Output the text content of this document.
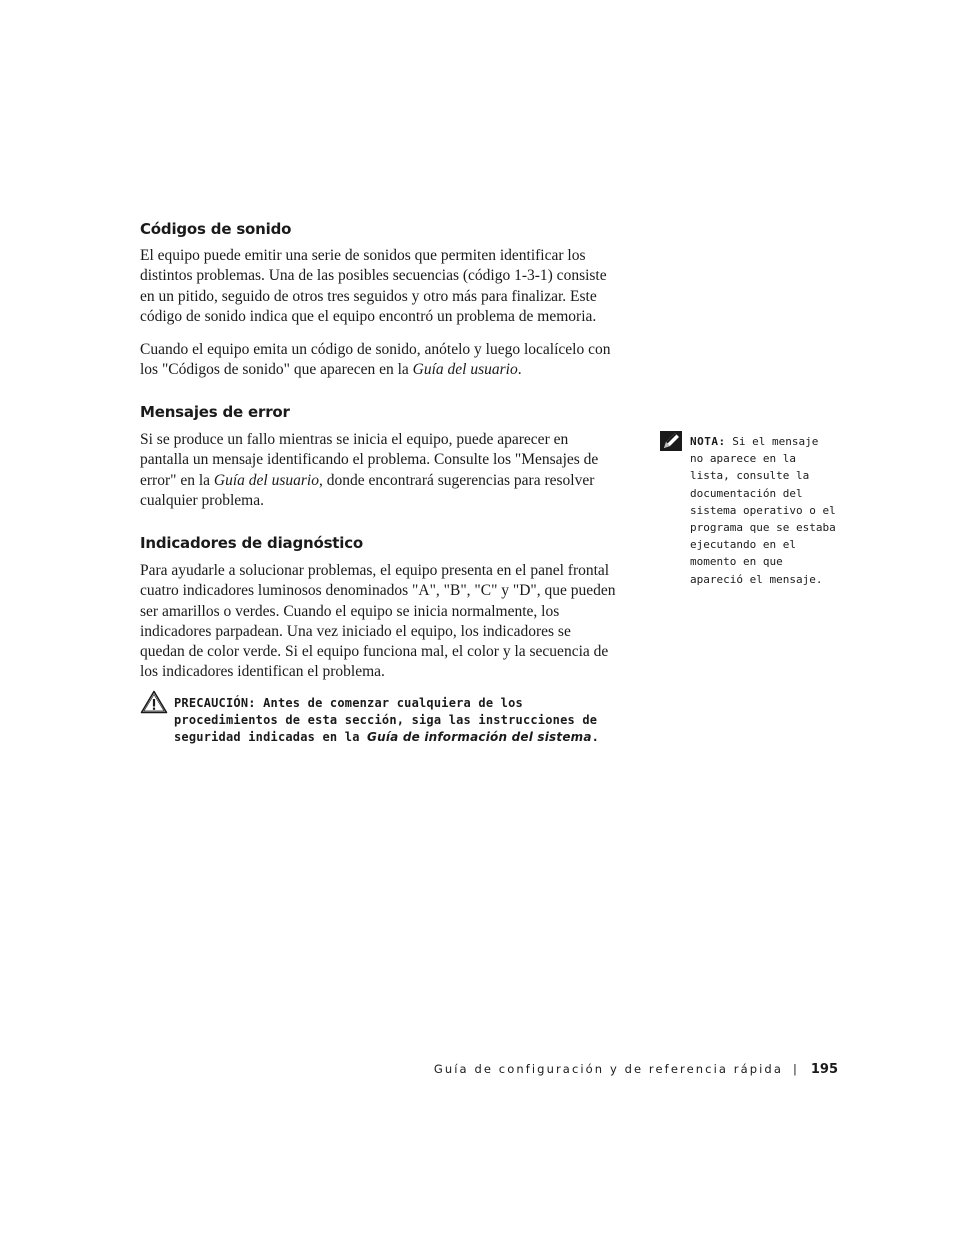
Códigos de sonido

El equipo puede emitir una serie de sonidos que permiten identificar los
distintos problemas. Una de las posibles secuencias (código 1-3-1) consiste
en un pitido, seguido de otros tres seguidos y otro más para finalizar. Este
código de sonido indica que el equipo encontró un problema de memoria.

Cuando el equipo emita un código de sonido, anótelo y luego localícelo con
los "Códigos de sonido" que aparecen en la Guía del usuario.

Mensajes de error

Si se produce un fallo mientras se inicia el equipo, puede aparecer en
pantalla un mensaje identificando el problema. Consulte los "Mensajes de
error" en la Guía del usuario, donde encontrará sugerencias para resolver
cualquier problema.

Indicadores de diagnóstico

Para ayudarle a solucionar problemas, el equipo presenta en el panel frontal
cuatro indicadores luminosos denominados "A", "B", "C" y "D", que pueden
ser amarillos o verdes. Cuando el equipo se inicia normalmente, los
indicadores parpadean. Una vez iniciado el equipo, los indicadores se
quedan de color verde. Si el equipo funciona mal, el color y la secuencia de
los indicadores identifican el problema.

PRECAUCIÓN: Antes de comenzar cualquiera de los
procedimientos de esta sección, siga las instrucciones de
seguridad indicadas en la Guía de información del sistema.
NOTA: Si el mensaje
no aparece en la
lista, consulte la
documentación del
sistema operativo o el
programa que se estaba
ejecutando en el
momento en que
apareció el mensaje.
Guía de configuración y de referencia rápida | 195
